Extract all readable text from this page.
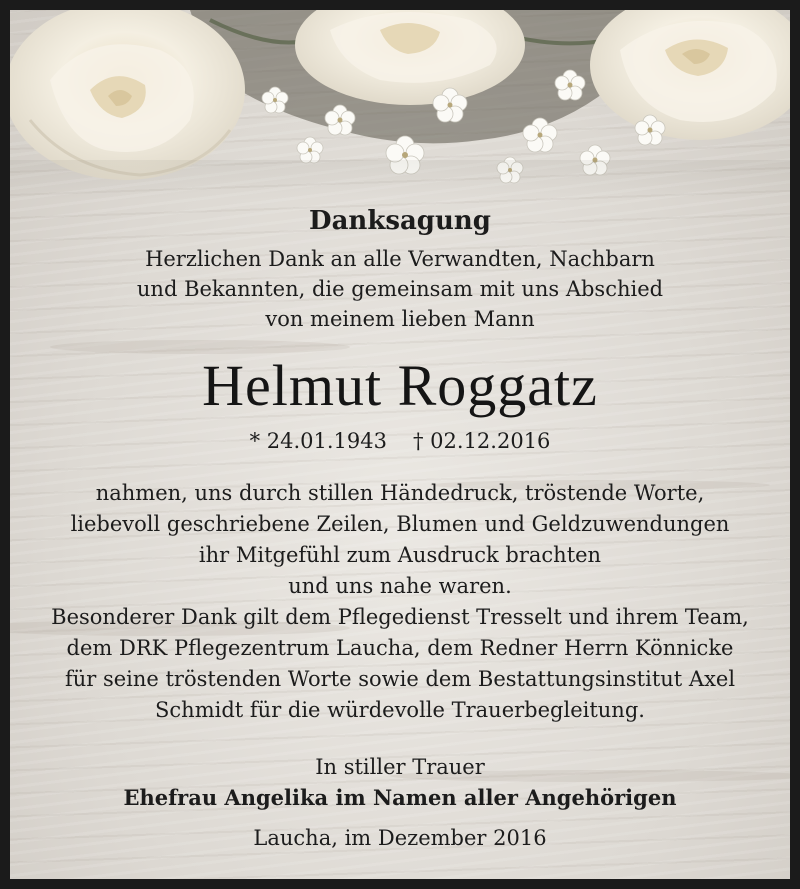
Danksagung
Herzlichen Dank an alle Verwandten, Nachbarn
und Bekannten, die gemeinsam mit uns Abschied
von meinem lieben Mann
Helmut Roggatz
* 24.01.1943 † 02.12.2016
nahmen, uns durch stillen Händedruck, tröstende Worte,
liebevoll geschriebene Zeilen, Blumen und Geldzuwendungen
ihr Mitgefühl zum Ausdruck brachten
und uns nahe waren.
Besonderer Dank gilt dem Pflegedienst Tresselt und ihrem Team,
dem DRK Pflegezentrum Laucha, dem Redner Herrn Könnicke
für seine tröstenden Worte sowie dem Bestattungsinstitut Axel
Schmidt für die würdevolle Trauerbegleitung.
In stiller Trauer
Ehefrau Angelika im Namen aller Angehörigen
Laucha, im Dezember 2016
